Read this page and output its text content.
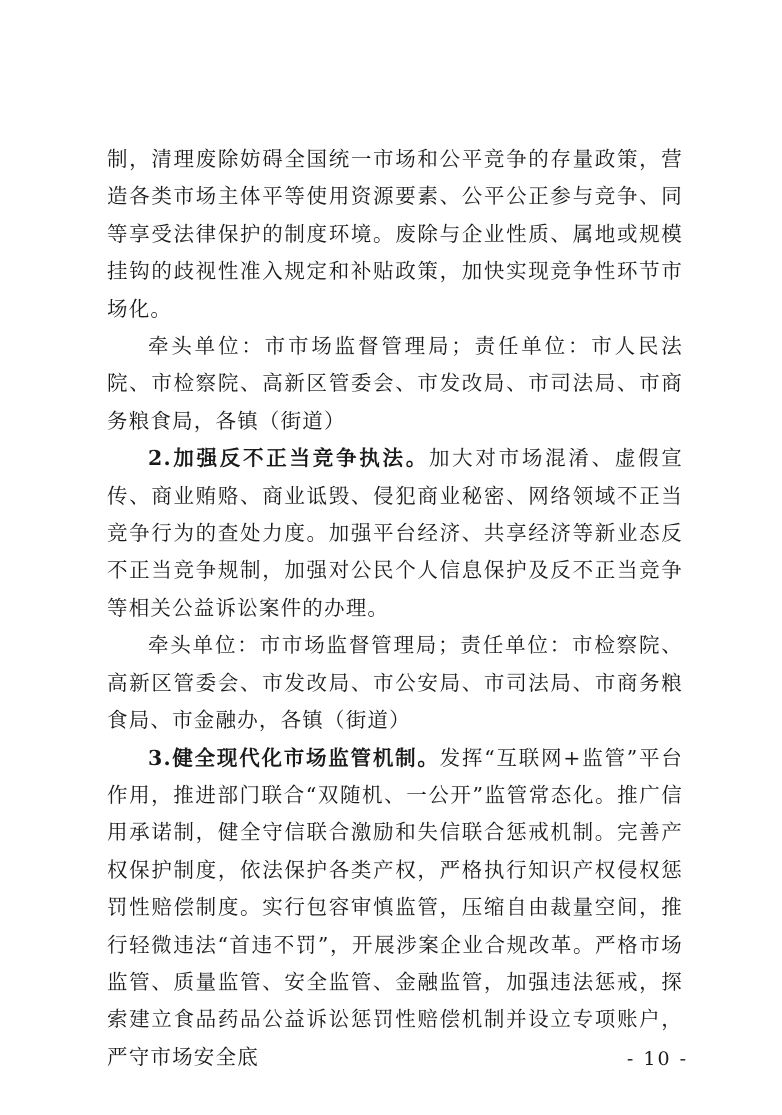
制，清理废除妨碍全国统一市场和公平竞争的存量政策，营造各类市场主体平等使用资源要素、公平公正参与竞争、同等享受法律保护的制度环境。废除与企业性质、属地或规模挂钩的歧视性准入规定和补贴政策，加快实现竞争性环节市场化。

牵头单位：市市场监督管理局；责任单位：市人民法院、市检察院、高新区管委会、市发改局、市司法局、市商务粮食局，各镇（街道）

2.加强反不正当竞争执法。加大对市场混淆、虚假宣传、商业贿赂、商业诋毁、侵犯商业秘密、网络领域不正当竞争行为的查处力度。加强平台经济、共享经济等新业态反不正当竞争规制，加强对公民个人信息保护及反不正当竞争等相关公益诉讼案件的办理。

牵头单位：市市场监督管理局；责任单位：市检察院、高新区管委会、市发改局、市公安局、市司法局、市商务粮食局、市金融办，各镇（街道）

3.健全现代化市场监管机制。发挥“互联网+监管”平台作用，推进部门联合“双随机、一公开”监管常态化。推广信用承诺制，健全守信联合激励和失信联合惩戒机制。完善产权保护制度，依法保护各类产权，严格执行知识产权侵权惩罚性赔偿制度。实行包容审慎监管，压缩自由裁量空间，推行轻微违法“首违不罚”，开展涉案企业合规改革。严格市场监管、质量监管、安全监管、金融监管，加强违法惩戒，探索建立食品药品公益诉讼惩罚性赔偿机制并设立专项账户，严守市场安全底	- 10 -
